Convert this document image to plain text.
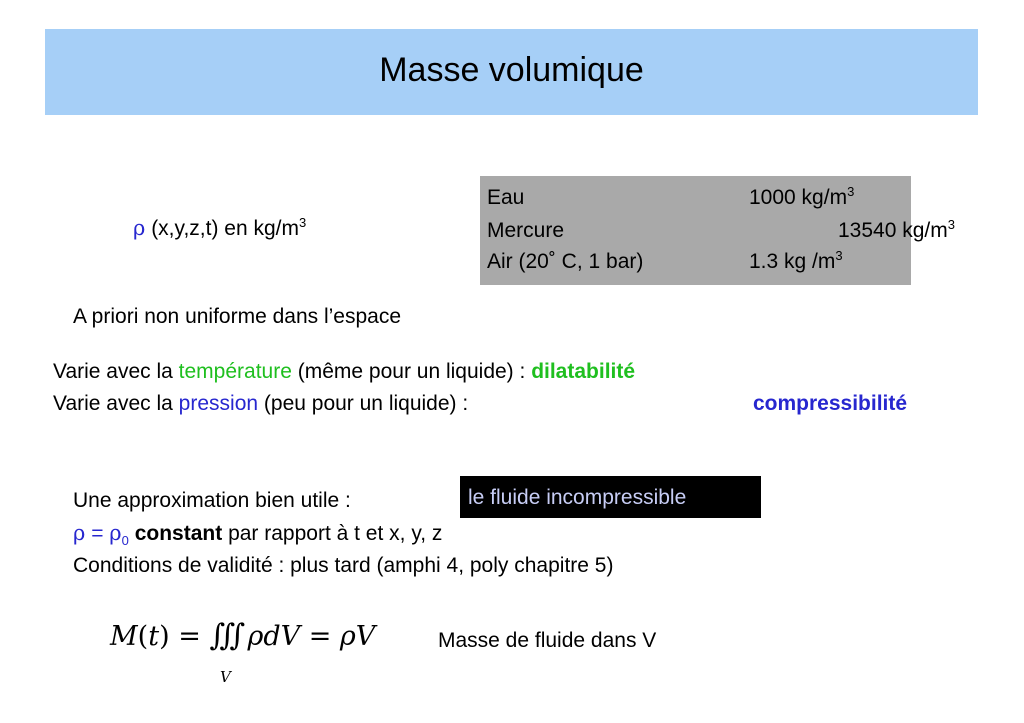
Masse volumique
ρ (x,y,z,t) en $kg/m^3$
Eau	1000 $kg/m^3$
Mercure	13540 $kg/m^3$
Air (20˚ C, 1 bar)	1.3 kg $/m^3$
A priori non uniforme dans l’espace
Varie avec la température (même pour un liquide) : dilatabilité
Varie avec la pression (peu pour un liquide) :	compressibilité
Une approximation bien utile :	le fluide incompressible
$\rho = \rho_0$ constant par rapport à t et x, y, z
Conditions de validité : plus tard (amphi 4, poly chapitre 5)
M(t) = ∭ ρdV = ρV
V
Masse de fluide dans V
